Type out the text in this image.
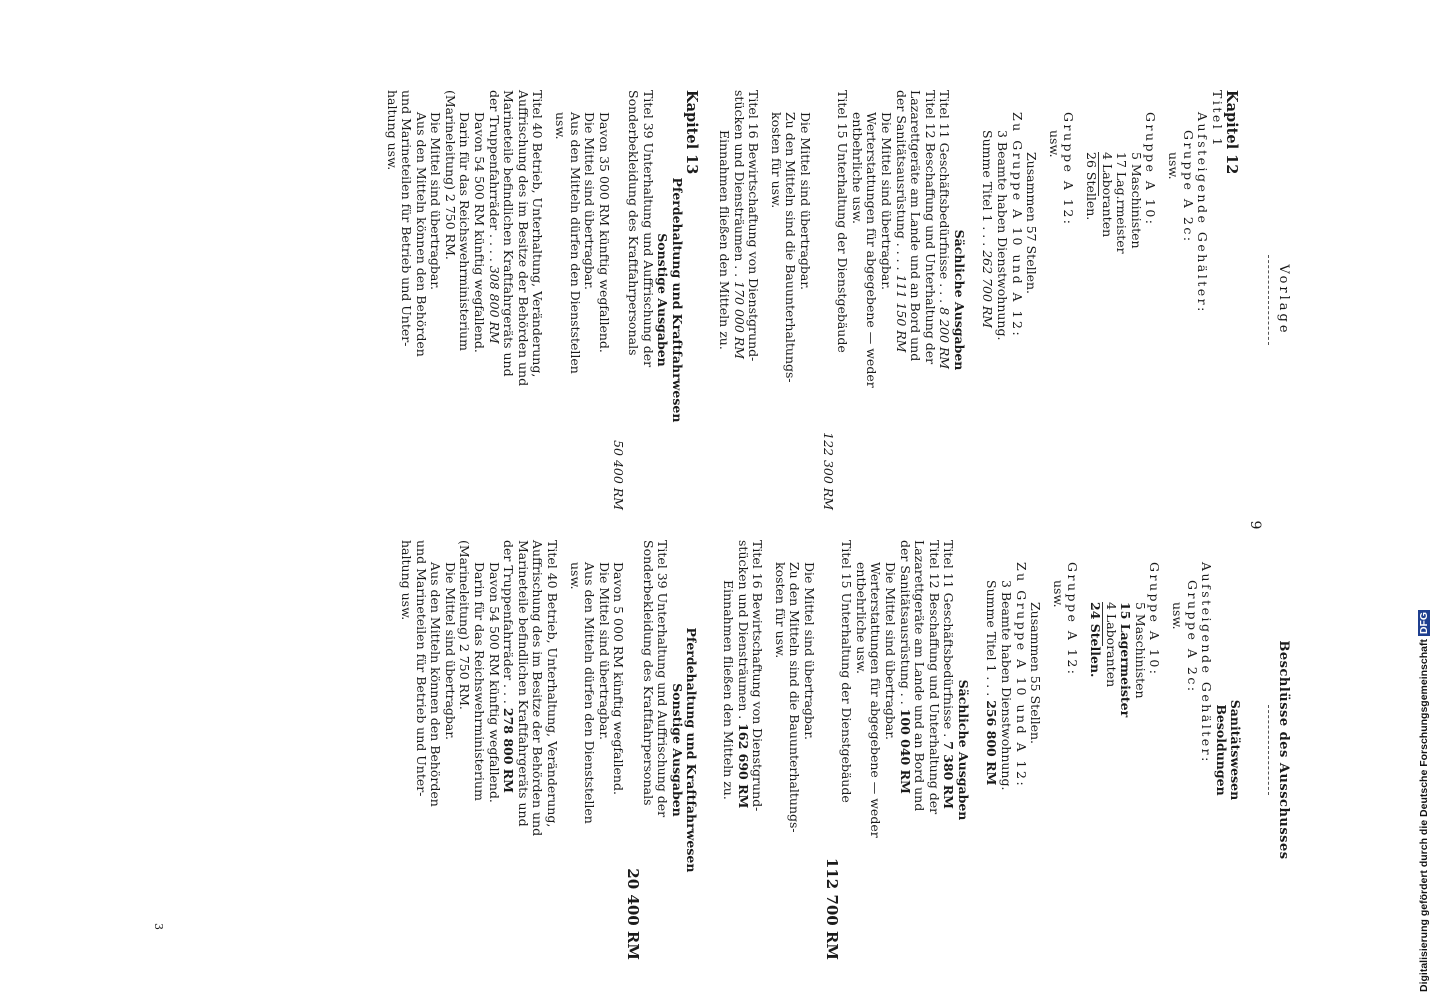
9
Vorlage
Kapitel 12
Titel 1
Aufsteigende Gehälter:
Gruppe A 2c:
usw.
Gruppe A 10:
5 Maschinisten
17 Lag.rmeister
4 Laboranten
26 Stellen.
Gruppe A 12:
usw.
Zusammen 57 Stellen.
Zu Gruppe A 10 und A 12:
3 Beamte haben Dienstwohnung.
Summe Titel 1 . . . 262 700 RM
Sächliche Ausgaben
Titel 11 Geschäftsbedürfnisse . . . 8 200 RM
Titel 12 Beschaffung und Unterhaltung der
Lazarettgeräte am Lande und an Bord und
der Sanitätsausrüstung . . . . 111 150 RM
Die Mittel sind übertragbar.
Werterstattungen für abgegebene — weder
entbehrliche usw.
Titel 15 Unterhaltung der Dienstgebäude
122 300 RM
Die Mittel sind übertragbar.
Zu den Mitteln sind die Bauunterhaltungs-
kosten für usw.
Titel 16 Bewirtschaftung von Dienstgrund-
stücken und Diensträumen . . 170 000 RM
Einnahmen fließen den Mitteln zu.
Kapitel 13
Pferdehaltung und Kraftfahrwesen
Sonstige Ausgaben
Titel 39 Unterhaltung und Auffrischung der
Sonderbekleidung des Kraftfahrpersonals
50 400 RM
Davon 35 000 RM künftig wegfallend.
Die Mittel sind übertragbar.
Aus den Mitteln dürfen den Dienststellen
usw.
Titel 40 Betrieb, Unterhaltung, Veränderung,
Auffrischung des im Besitze der Behörden und
Marineteile befindlichen Kraftfahrgeräts und
der Truppenfahrräder . . . . 308 800 RM
Davon 54 500 RM künftig wegfallend.
Darin für das Reichswehrministerium
(Marineleitung) 2 750 RM.
Die Mittel sind übertragbar.
Aus den Mitteln können den Behörden
und Marineteilen für Betrieb und Unter-
haltung usw.
Beschlüsse des Ausschusses
Sanitätswesen
Besoldungen
Aufsteigende Gehälter:
Gruppe A 2c:
usw.
Gruppe A 10:
5 Maschinisten
15 Lagermeister
4 Laboranten
24 Stellen.
Gruppe A 12:
usw.
Zusammen 55 Stellen.
Zu Gruppe A 10 und A 12:
3 Beamte haben Dienstwohnung.
Summe Titel 1 . . . 256 800 RM
Sächliche Ausgaben
Titel 11 Geschäftsbedürfnisse . 7 380 RM
Titel 12 Beschaffung und Unterhaltung der
Lazarettgeräte am Lande und an Bord und
der Sanitätsausrüstung . . 100 040 RM
Die Mittel sind übertragbar.
Werterstattungen für abgegebene — weder
entbehrliche usw.
Titel 15 Unterhaltung der Dienstgebäude
112 700 RM
Die Mittel sind übertragbar.
Zu den Mitteln sind die Bauunterhaltungs-
kosten für usw.
Titel 16 Bewirtschaftung von Dienstgrund-
stücken und Diensträumen . 162 690 RM
Einnahmen fließen den Mitteln zu.
Pferdehaltung und Kraftfahrwesen
Sonstige Ausgaben
Titel 39 Unterhaltung und Auffrischung der
Sonderbekleidung des Kraftfahrpersonals
20 400 RM
Davon 5 000 RM künftig wegfallend.
Die Mittel sind übertragbar.
Aus den Mitteln dürfen den Dienststellen
usw.
Titel 40 Betrieb, Unterhaltung, Veränderung,
Auffrischung des im Besitze der Behörden und
Marineteile befindlichen Kraftfahrgeräts und
der Truppenfahrräder . . . 278 800 RM
Davon 54 500 RM künftig wegfallend.
Darin für das Reichswehrministerium
(Marineleitung) 2 750 RM.
Die Mittel sind übertragbar.
Aus den Mitteln können den Behörden
und Marineteilen für Betrieb und Unter-
haltung usw.
3	Digitalisierung gefördert durch die Deutsche Forschungsgemeinschaft DFG
